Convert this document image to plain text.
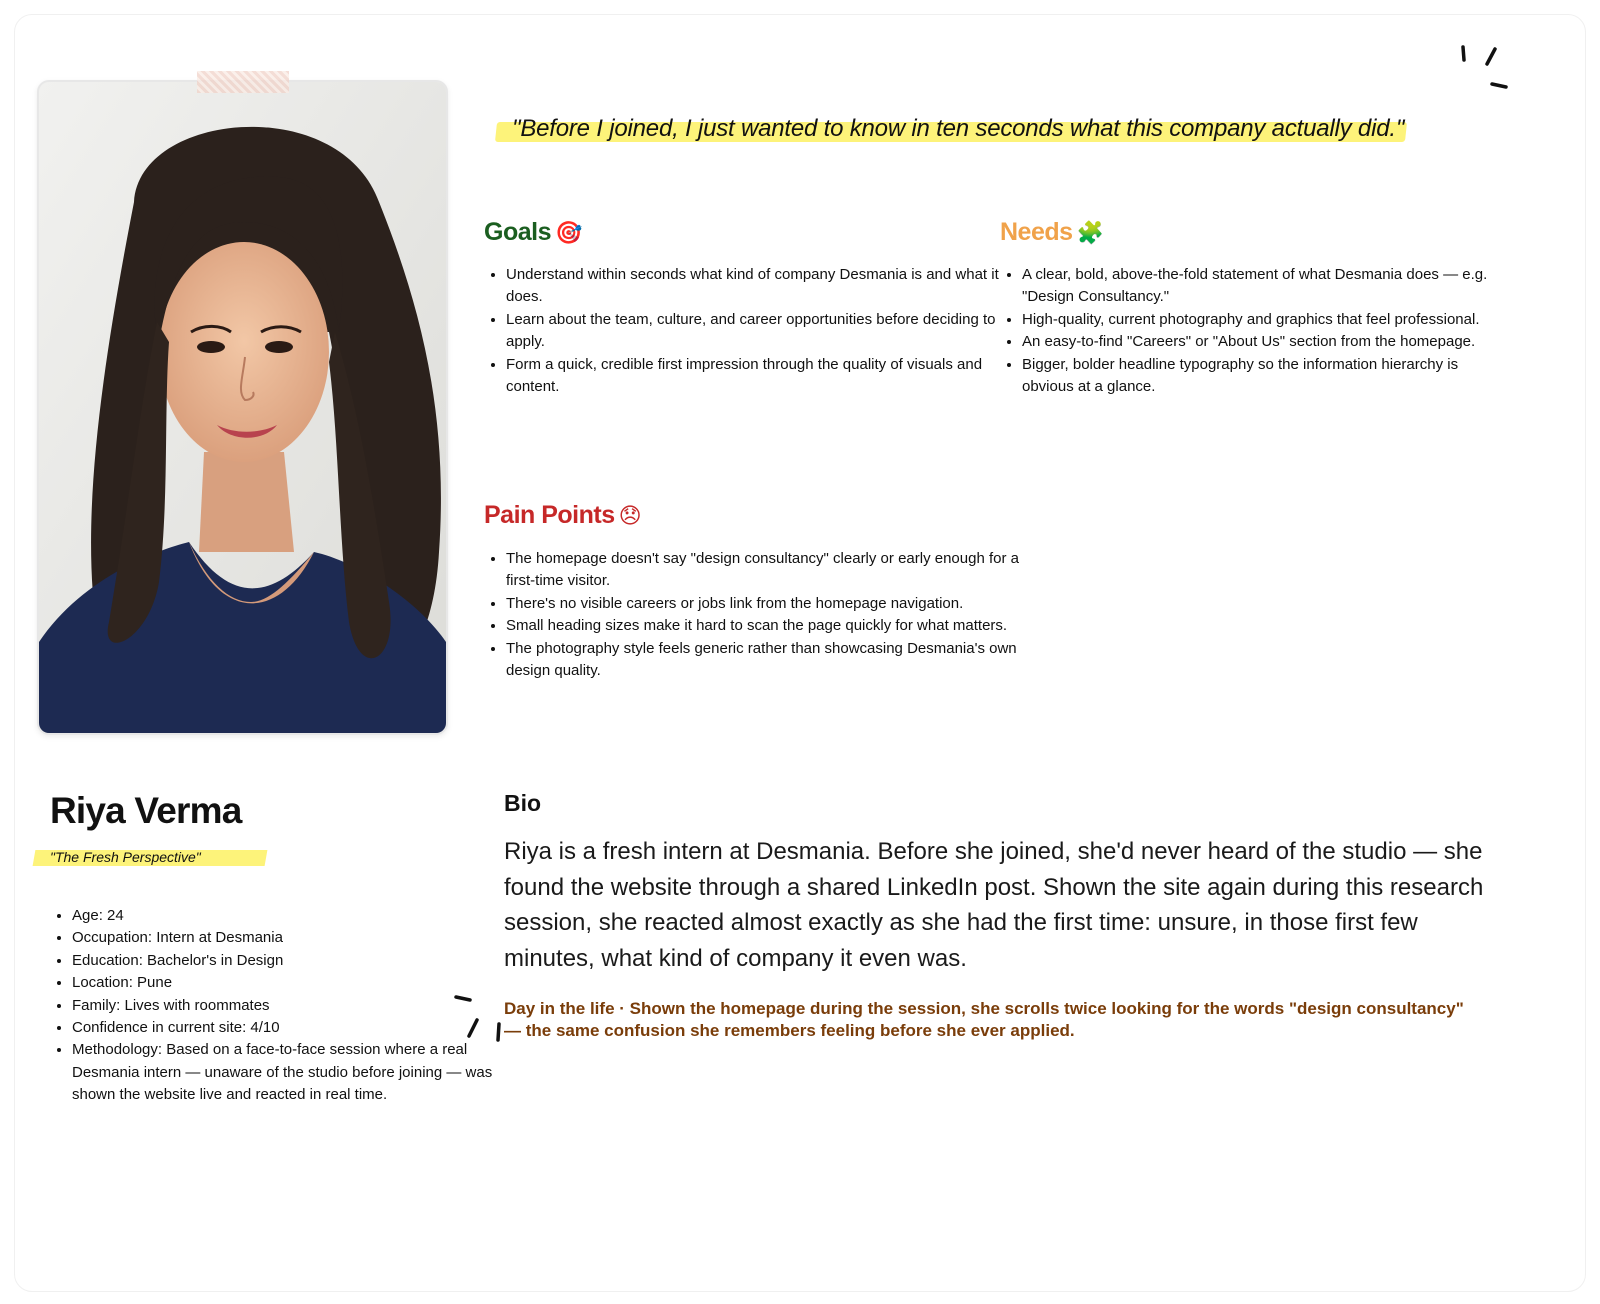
"Before I joined, I just wanted to know in ten seconds what this company actually did."
Goals 🎯
• Understand within seconds what kind of company Desmania is and what it does.
• Learn about the team, culture, and career opportunities before deciding to apply.
• Form a quick, credible first impression through the quality of visuals and content.
Needs 🧩
• A clear, bold, above-the-fold statement of what Desmania does — e.g. "Design Consultancy."
• High-quality, current photography and graphics that feel professional.
• An easy-to-find "Careers" or "About Us" section from the homepage.
• Bigger, bolder headline typography so the information hierarchy is obvious at a glance.
Pain Points 😞
• The homepage doesn't say "design consultancy" clearly or early enough for a first-time visitor.
• There's no visible careers or jobs link from the homepage navigation.
• Small heading sizes make it hard to scan the page quickly for what matters.
• The photography style feels generic rather than showcasing Desmania's own design quality.
Riya Verma
"The Fresh Perspective"
• Age: 24
• Occupation: Intern at Desmania
• Education: Bachelor's in Design
• Location: Pune
• Family: Lives with roommates
• Confidence in current site: 4/10
• Methodology: Based on a face-to-face session where a real Desmania intern — unaware of the studio before joining — was shown the website live and reacted in real time.
Bio
Riya is a fresh intern at Desmania. Before she joined, she'd never heard of the studio — she found the website through a shared LinkedIn post. Shown the site again during this research session, she reacted almost exactly as she had the first time: unsure, in those first few minutes, what kind of company it even was.
Day in the life · Shown the homepage during the session, she scrolls twice looking for the words "design consultancy" — the same confusion she remembers feeling before she ever applied.
